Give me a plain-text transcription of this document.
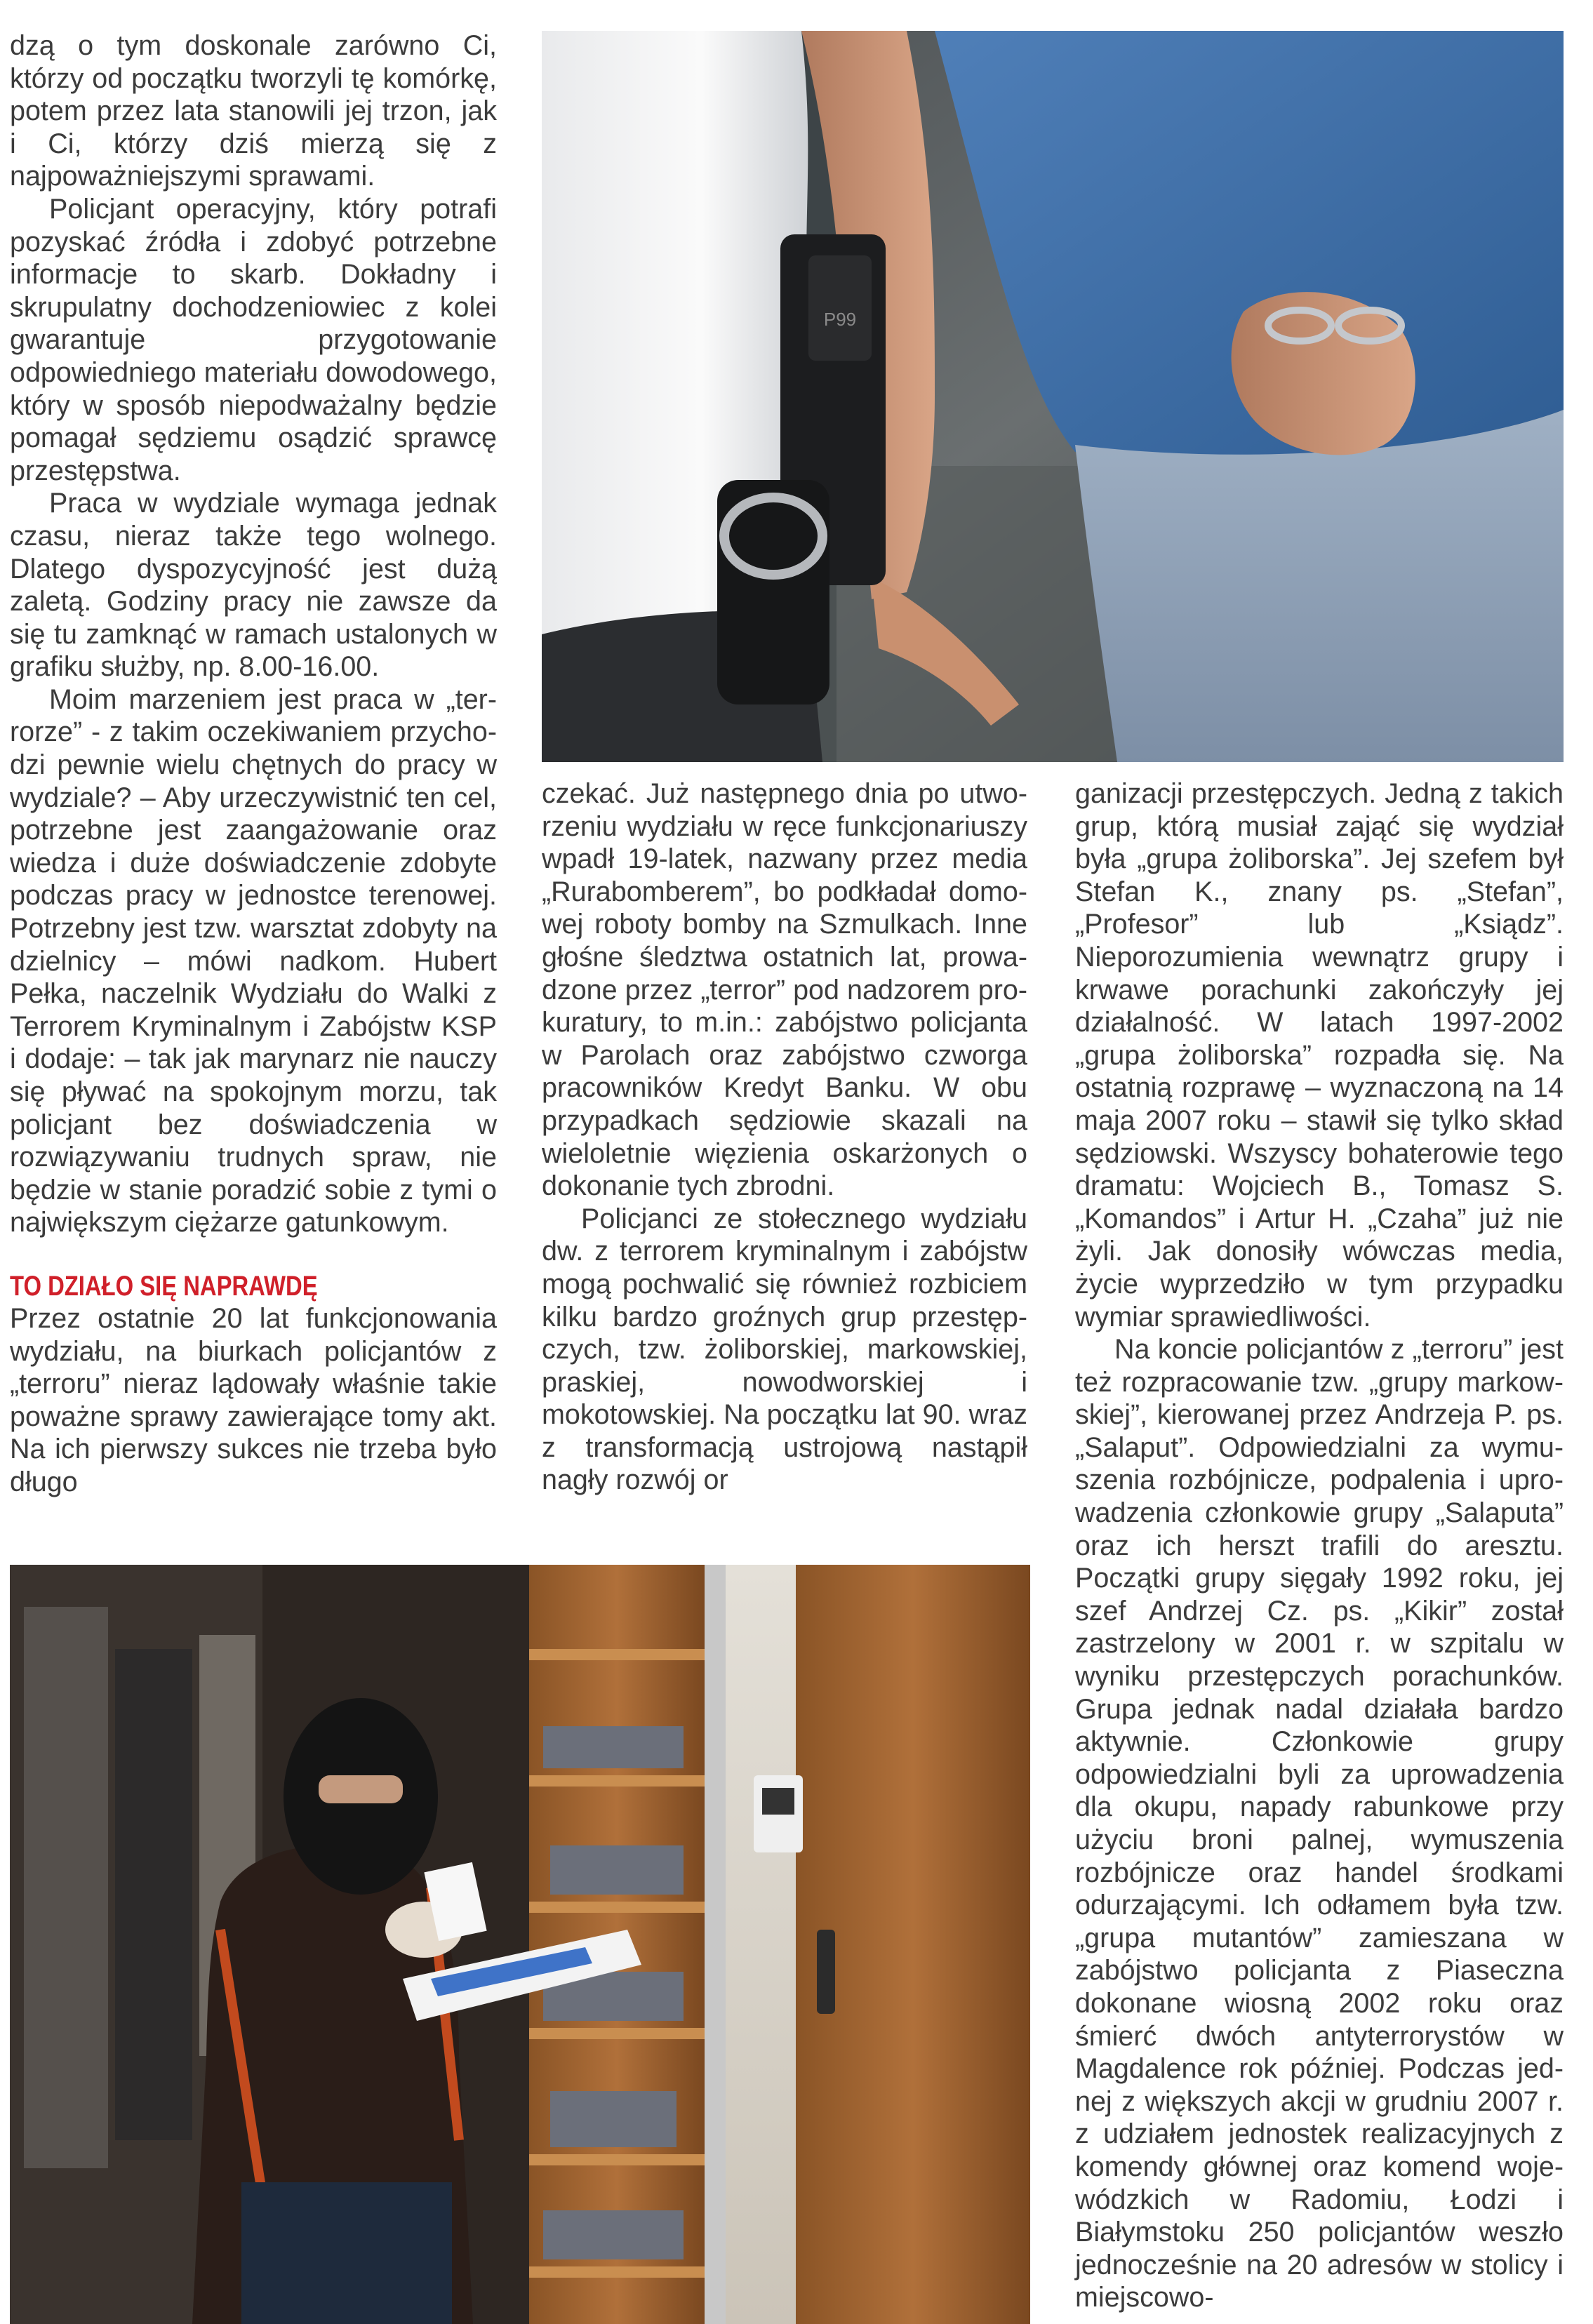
dzą o tym doskonale zarówno Ci, którzy od początku tworzyli tę komórkę, potem przez lata stanowili jej trzon, jak i Ci, którzy dziś mierzą się z najpoważniejszymi sprawami.

Policjant operacyjny, który potrafi pozyskać źródła i zdobyć potrzebne informacje to skarb. Dokładny i skrupulatny dochodzeniowiec z kolei gwarantuje przygotowanie odpowiedniego materiału dowodowego, który w sposób niepodważalny będzie pomagał sędziemu osądzić sprawcę przestępstwa.

Praca w wydziale wymaga jednak czasu, nieraz także tego wolnego. Dlatego dyspozycyjność jest dużą zaletą. Godziny pracy nie zawsze da się tu zamknąć w ramach ustalonych w grafiku służby, np. 8.00-16.00.

Moim marzeniem jest praca w „terrorze” - z takim oczekiwaniem przychodzi pewnie wielu chętnych do pracy w wydziale? – Aby urzeczywistnić ten cel, potrzebne jest zaangażowanie oraz wiedza i duże doświadczenie zdobyte podczas pracy w jednostce terenowej. Potrzebny jest tzw. warsztat zdobyty na dzielnicy – mówi nadkom. Hubert Pełka, naczelnik Wydziału do Walki z Terrorem Kryminalnym i Zabójstw KSP i dodaje: – tak jak marynarz nie nauczy się pływać na spokojnym morzu, tak policjant bez doświadczenia w rozwiązywaniu trudnych spraw, nie będzie w stanie poradzić sobie z tymi o największym ciężarze gatunkowym.

TO DZIAŁO SIĘ NAPRAWDĘ

Przez ostatnie 20 lat funkcjonowania wydziału, na biurkach policjantów z „terroru” nieraz lądowały właśnie takie poważne sprawy zawierające tomy akt. Na ich pierwszy sukces nie trzeba było długo

P99

czekać. Już następnego dnia po utworzeniu wydziału w ręce funkcjonariuszy wpadł 19-latek, nazwany przez media „Rurabomberem”, bo podkładał domowej roboty bomby na Szmulkach. Inne głośne śledztwa ostatnich lat, prowadzone przez „terror” pod nadzorem prokuratury, to m.in.: zabójstwo policjanta w Parolach oraz zabójstwo czworga pracowników Kredyt Banku. W obu przypadkach sędziowie skazali na wieloletnie więzienia oskarżonych o dokonanie tych zbrodni.

Policjanci ze stołecznego wydziału dw. z terrorem kryminalnym i zabójstw mogą pochwalić się również rozbiciem kilku bardzo groźnych grup przestępczych, tzw. żoliborskiej, markowskiej, praskiej, nowodworskiej i mokotowskiej. Na początku lat 90. wraz z transformacją ustrojową nastąpił nagły rozwój or

ganizacji przestępczych. Jedną z takich grup, którą musiał zająć się wydział była „grupa żoliborska”. Jej szefem był Stefan K., znany ps. „Stefan”, „Profesor” lub „Ksiądz”. Nieporozumienia wewnątrz grupy i krwawe porachunki zakończyły jej działalność. W latach 1997-2002 „grupa żoliborska” rozpadła się. Na ostatnią rozprawę – wyznaczoną na 14 maja 2007 roku – stawił się tylko skład sędziowski. Wszyscy bohaterowie tego dramatu: Wojciech B., Tomasz S. „Komandos” i Artur H. „Czaha” już nie żyli. Jak donosiły wówczas media, życie wyprzedziło w tym przypadku wymiar sprawiedliwości.

Na koncie policjantów z „terroru” jest też rozpracowanie tzw. „grupy markowskiej”, kierowanej przez Andrzeja P. ps. „Salaput”. Odpowiedzialni za wymuszenia rozbójnicze, podpalenia i uprowadzenia członkowie grupy „Salaputa” oraz ich herszt trafili do aresztu. Początki grupy sięgały 1992 roku, jej szef Andrzej Cz. ps. „Kikir” został zastrzelony w 2001 r. w szpitalu w wyniku przestępczych porachunków. Grupa jednak nadal działała bardzo aktywnie. Członkowie grupy odpowiedzialni byli za uprowadzenia dla okupu, napady rabunkowe przy użyciu broni palnej, wymuszenia rozbójnicze oraz handel środkami odurzającymi. Ich odłamem była tzw. „grupa mutantów” zamieszana w zabójstwo policjanta z Piaseczna dokonane wiosną 2002 roku oraz śmierć dwóch antyterrorystów w Magdalence rok później. Podczas jednej z większych akcji w grudniu 2007 r. z udziałem jednostek realizacyjnych z komendy głównej oraz komend wojewódzkich w Radomiu, Łodzi i Białymstoku 250 policjantów weszło jednocześnie na 20 adresów w stolicy i miejscowo-
